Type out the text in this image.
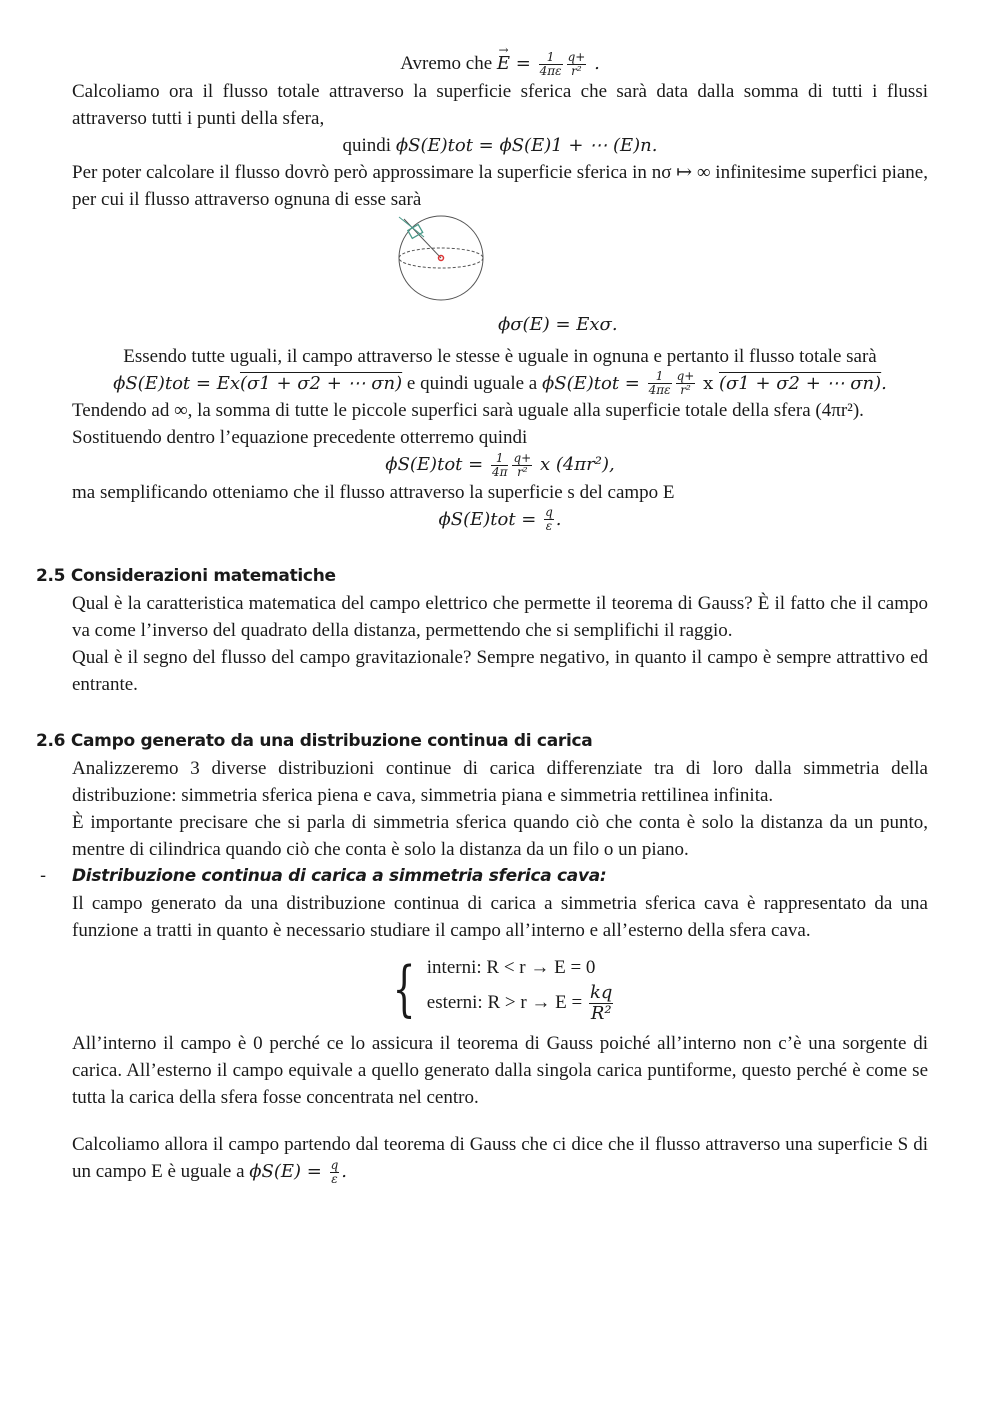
Avremo che → $E = \frac{1}{4\pi\varepsilon} \frac{q+}{\text{r²}}$ .

Calcoliamo ora il flusso totale attraverso la superficie sferica che sarà data dalla somma di tutti i flussi attraverso tutti i punti della sfera,

quindi ϕS(E)tot = ϕS(E)1 + ⋯ (E)n.

Per poter calcolare il flusso dovrò però approssimare la superficie sferica in nσ ↦ ∞ infinitesime superfici piane, per cui il flusso attraverso ognuna di esse sarà

ϕσ(E) = Exσ.

Essendo tutte uguali, il campo attraverso le stesse è uguale in ognuna e pertanto il flusso totale sarà

ϕS(E)tot = Ex(σ1 + σ2 + ⋯ σn) e quindi uguale a $\phi S(E)tot = \frac{1}{4\pi\varepsilon} \frac{q+}{\text{r²}}$ x (σ1 + σ2 + ⋯ σn).

Tendendo ad ∞, la somma di tutte le piccole superfici sarà uguale alla superficie totale della sfera (4πr²).

Sostituendo dentro l’equazione precedente otterremo quindi

$\phi S(E)tot = \frac{1}{4\pi} \frac{q+}{\text{r²}}$ x (4πr²),

ma semplificando otteniamo che il flusso attraverso la superficie s del campo E

$\phi S(E)tot = \frac{q}{\varepsilon}$ .

2.5 Considerazioni matematiche

Qual è la caratteristica matematica del campo elettrico che permette il teorema di Gauss? È il fatto che il campo va come l’inverso del quadrato della distanza, permettendo che si semplifichi il raggio.

Qual è il segno del flusso del campo gravitazionale? Sempre negativo, in quanto il campo è sempre attrattivo ed entrante.

2.6 Campo generato da una distribuzione continua di carica

Analizzeremo 3 diverse distribuzioni continue di carica differenziate tra di loro dalla simmetria della distribuzione: simmetria sferica piena e cava, simmetria piana e simmetria rettilinea infinita.

È importante precisare che si parla di simmetria sferica quando ciò che conta è solo la distanza da un punto, mentre di cilindrica quando ciò che conta è solo la distanza da un filo o un piano.

- Distribuzione continua di carica a simmetria sferica cava:

Il campo generato da una distribuzione continua di carica a simmetria sferica cava è rappresentato da una funzione a tratti in quanto è necessario studiare il campo all’interno e all’esterno della sfera cava.

{ interni: R < r → E = 0
esterni: $R > r \to E = \frac{kq}{\text{R²}}$

All’interno il campo è 0 perché ce lo assicura il teorema di Gauss poiché all’interno non c’è una sorgente di carica. All’esterno il campo equivale a quello generato dalla singola carica puntiforme, questo perché è come se tutta la carica della sfera fosse concentrata nel centro.

Calcoliamo allora il campo partendo dal teorema di Gauss che ci dice che il flusso attraverso una superficie S di un campo E è uguale a $\phi S(E) = \frac{q}{\varepsilon}$ .
